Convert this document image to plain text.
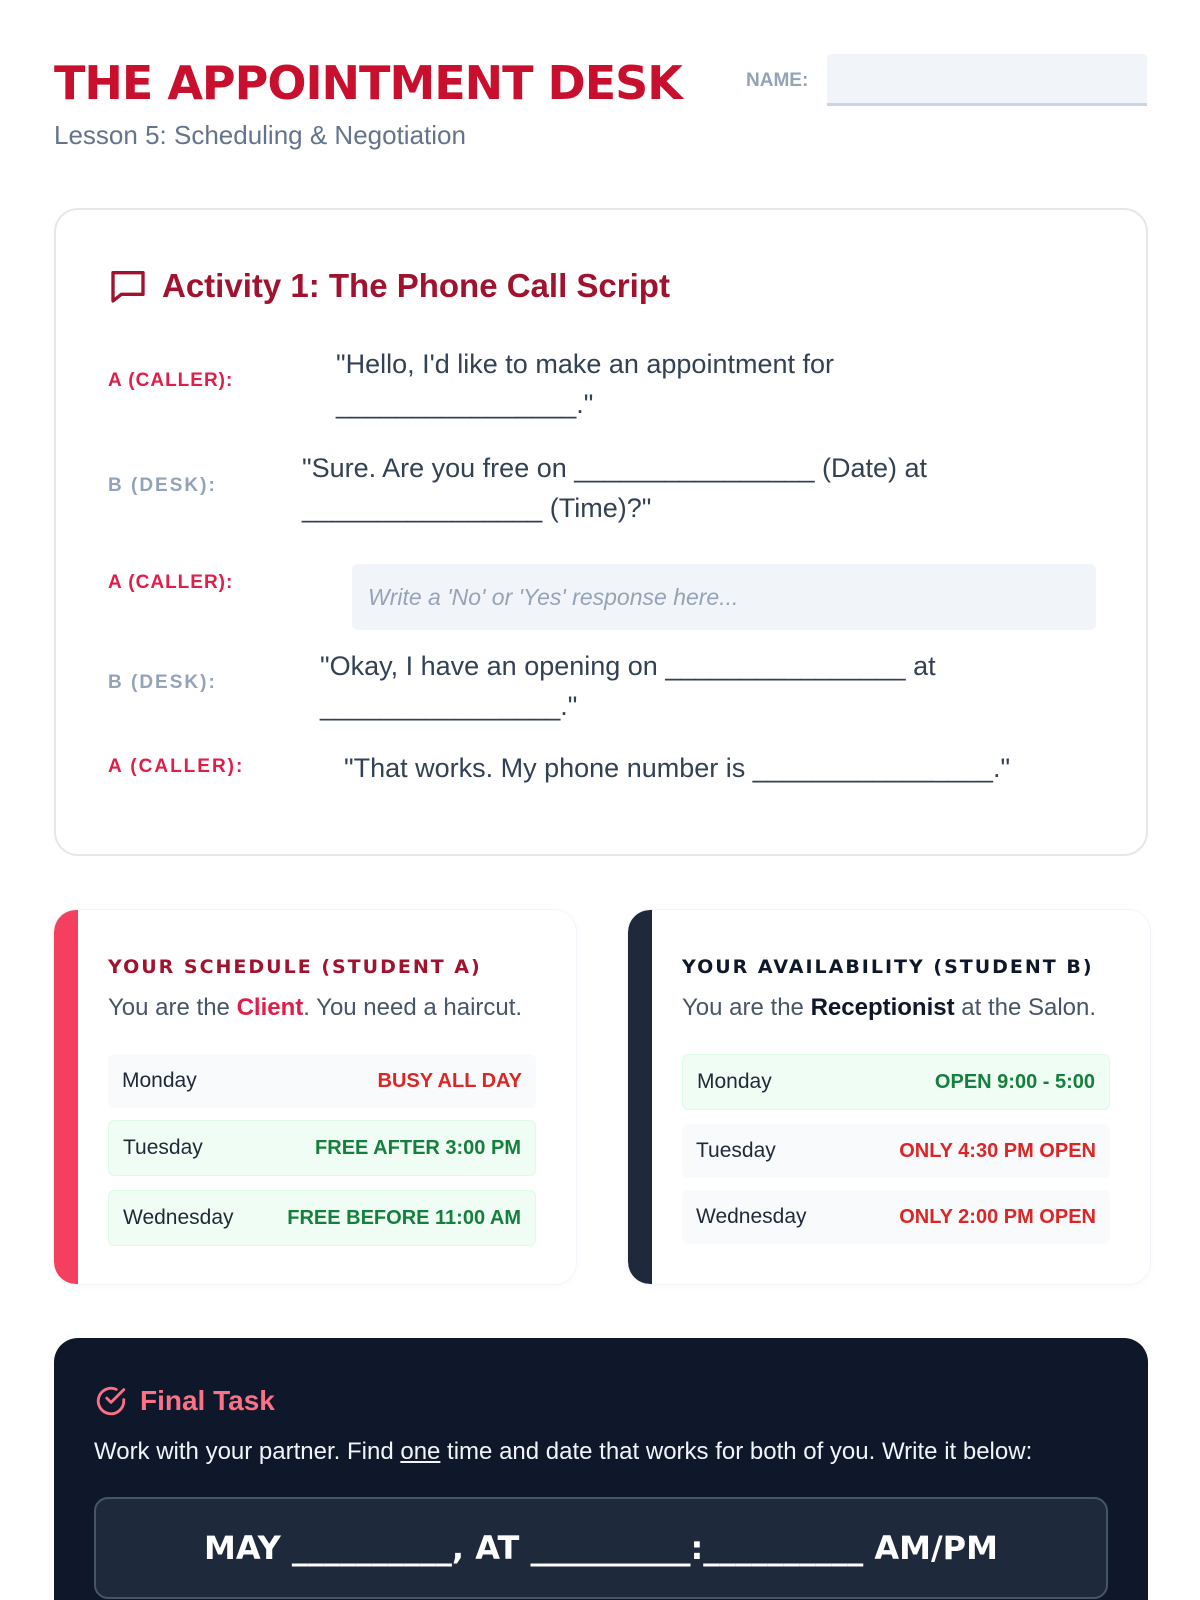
THE APPOINTMENT DESK
Lesson 5: Scheduling & Negotiation
NAME:
Activity 1: The Phone Call Script
A (CALLER):
"Hello, I'd like to make an appointment for
________________."
B (DESK):
"Sure. Are you free on ________________ (Date) at
________________ (Time)?"
A (CALLER):
Write a 'No' or 'Yes' response here...
B (DESK):
"Okay, I have an opening on ________________ at
________________."
A (CALLER):	"That works. My phone number is ________________."
YOUR SCHEDULE (STUDENT A)
You are the Client. You need a haircut.
Monday	BUSY ALL DAY
Tuesday	FREE AFTER 3:00 PM
Wednesday	FREE BEFORE 11:00 AM
YOUR AVAILABILITY (STUDENT B)
You are the Receptionist at the Salon.
Monday	OPEN 9:00 - 5:00
Tuesday	ONLY 4:30 PM OPEN
Wednesday	ONLY 2:00 PM OPEN
Final Task
Work with your partner. Find one time and date that works for both of you. Write it below:
MAY __________, AT __________:__________ AM/PM
